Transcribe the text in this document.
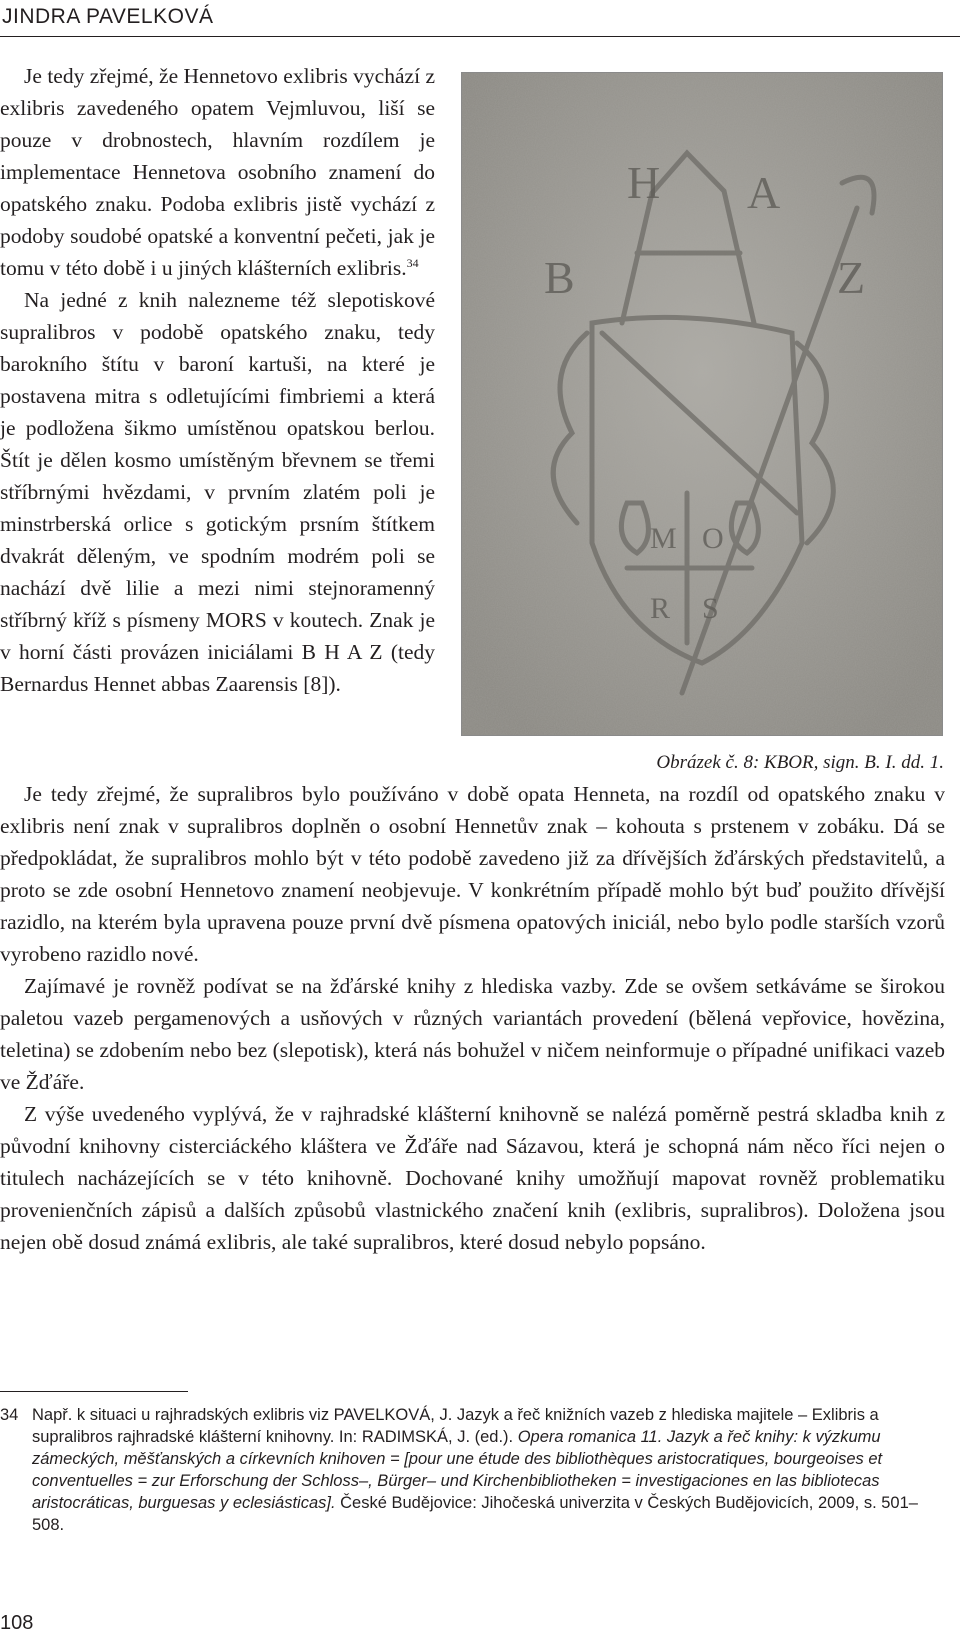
JINDRA PAVELKOVÁ

Je tedy zřejmé, že Hennetovo exlibris vychází z exlibris zavedeného opatem Vejmluvou, liší se pouze v drobnostech, hlavním rozdílem je implementace Hennetova osobního znamení do opatského znaku. Podoba exlibris jistě vychází z podoby soudobé opatské a konventní pečeti, jak je tomu v této době i u jiných klášterních exlibris.$^{34}$

Na jedné z knih nalezneme též slepotiskové supralibros v podobě opatského znaku, tedy barokního štítu v baroní kartuši, na které je postavena mitra s odletujícími fimbriemi a která je podložena šikmo umístěnou opatskou berlou. Štít je dělen kosmo umístěným břevnem se třemi stříbrnými hvězdami, v prvním zlatém poli je minstrberská orlice s gotickým prsním štítkem dvakrát děleným, ve spodním modrém poli se nachází dvě lilie a mezi nimi stejnoramenný stříbrný kříž s písmeny MORS v koutech. Znak je v horní části provázen iniciálami B H A Z (tedy Bernardus Hennet abbas Zaarensis [8]).

B
H A
Z
M O
R S
Obrázek č. 8: KBOR, sign. B. I. dd. 1.

Je tedy zřejmé, že supralibros bylo používáno v době opata Henneta, na rozdíl od opatského znaku v exlibris není znak v supralibros doplněn o osobní Hennetův znak – kohouta s prstenem v zobáku. Dá se předpokládat, že supralibros mohlo být v této podobě zavedeno již za dřívějších žďárských představitelů, a proto se zde osobní Hennetovo znamení neobjevuje. V konkrétním případě mohlo být buď použito dřívější razidlo, na kterém byla upravena pouze první dvě písmena opatových iniciál, nebo bylo podle starších vzorů vyrobeno razidlo nové.

Zajímavé je rovněž podívat se na žďárské knihy z hlediska vazby. Zde se ovšem setkáváme se širokou paletou vazeb pergamenových a usňových v různých variantách provedení (bělená vepřovice, hovězina, teletina) se zdobením nebo bez (slepotisk), která nás bohužel v ničem neinformuje o případné unifikaci vazeb ve Žďáře.

Z výše uvedeného vyplývá, že v rajhradské klášterní knihovně se nalézá poměrně pestrá skladba knih z původní knihovny cisterciáckého kláštera ve Žďáře nad Sázavou, která je schopná nám něco říci nejen o titulech nacházejících se v této knihovně. Dochované knihy umožňují mapovat rovněž problematiku provenienčních zápisů a dalších způsobů vlastnického značení knih (exlibris, supralibros). Doložena jsou nejen obě dosud známá exlibris, ale také supralibros, které dosud nebylo popsáno.

34 Např. k situaci u rajhradských exlibris viz PAVELKOVÁ, J. Jazyk a řeč knižních vazeb z hlediska majitele – Exlibris a supralibros rajhradské klášterní knihovny. In: RADIMSKÁ, J. (ed.). Opera romanica 11. Jazyk a řeč knihy: k výzkumu zámeckých, měšťanských a církevních knihoven = [pour une étude des bibliothèques aristocratiques, bourgeoises et conventuelles = zur Erforschung der Schloss–, Bürger– und Kirchenbibliotheken = investigaciones en las bibliotecas aristocráticas, burguesas y eclesiásticas]. České Budějovice: Jihočeská univerzita v Českých Budějovicích, 2009, s. 501–508.
108
